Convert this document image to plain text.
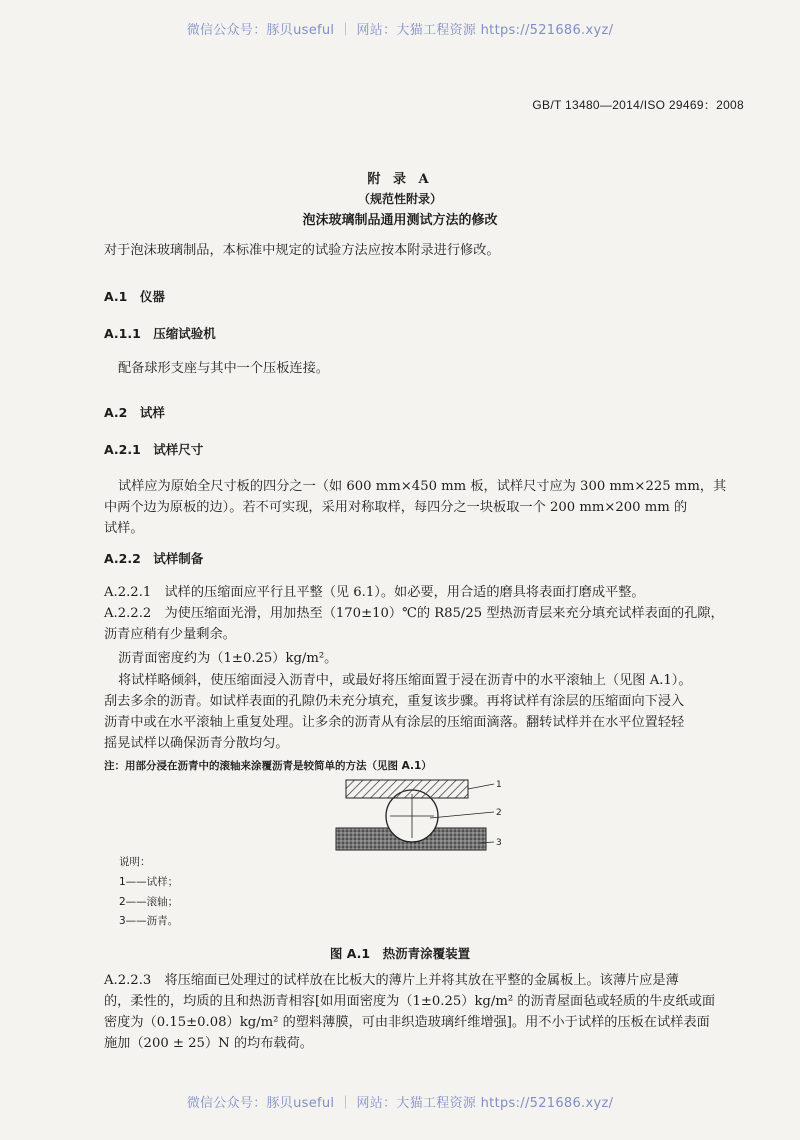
微信公众号：豚贝useful ｜ 网站：大猫工程资源 https://521686.xyz/
GB/T 13480—2014/ISO 29469：2008
附 录 A
（规范性附录）
泡沫玻璃制品通用测试方法的修改
对于泡沫玻璃制品，本标准中规定的试验方法应按本附录进行修改。
A.1　仪器
A.1.1　压缩试验机
配备球形支座与其中一个压板连接。
A.2　试样
A.2.1　试样尺寸
试样应为原始全尺寸板的四分之一（如 600 mm×450 mm 板，试样尺寸应为 300 mm×225 mm，其
中两个边为原板的边）。若不可实现，采用对称取样，每四分之一块板取一个 200 mm×200 mm 的
试样。
A.2.2　试样制备
A.2.2.1　试样的压缩面应平行且平整（见 6.1）。如必要，用合适的磨具将表面打磨成平整。
A.2.2.2　为使压缩面光滑，用加热至（170±10）℃的 R85/25 型热沥青层来充分填充试样表面的孔隙，
沥青应稍有少量剩余。
沥青面密度约为（1±0.25）kg/m²。
将试样略倾斜，使压缩面浸入沥青中，或最好将压缩面置于浸在沥青中的水平滚轴上（见图 A.1）。
刮去多余的沥青。如试样表面的孔隙仍未充分填充，重复该步骤。再将试样有涂层的压缩面向下浸入
沥青中或在水平滚轴上重复处理。让多余的沥青从有涂层的压缩面滴落。翻转试样并在水平位置轻轻
摇晃试样以确保沥青分散均匀。
注：用部分浸在沥青中的滚轴来涂覆沥青是较简单的方法（见图 A.1）
1
2
3
说明：
1——试样；
2——滚轴；
3——沥青。
图 A.1　热沥青涂覆装置
A.2.2.3　将压缩面已处理过的试样放在比板大的薄片上并将其放在平整的金属板上。该薄片应是薄
的，柔性的，均质的且和热沥青相容[如用面密度为（1±0.25）kg/m² 的沥青屋面毡或轻质的牛皮纸或面
密度为（0.15±0.08）kg/m² 的塑料薄膜，可由非织造玻璃纤维增强]。用不小于试样的压板在试样表面
施加（200 ± 25）N 的均布载荷。
微信公众号：豚贝useful ｜ 网站：大猫工程资源 https://521686.xyz/
